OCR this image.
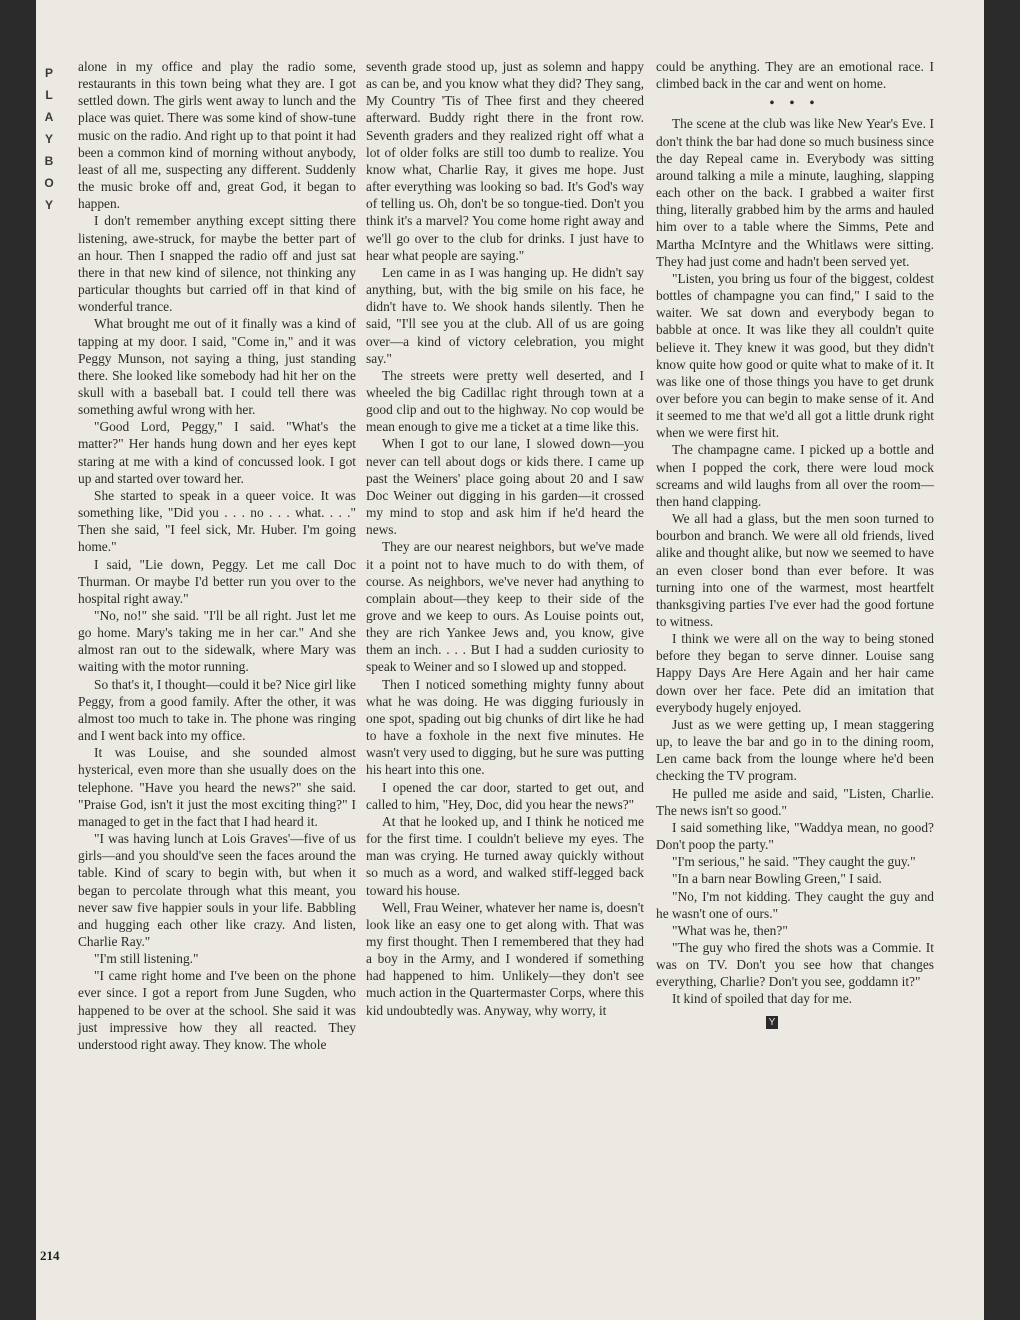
P
L
A
Y
B
O
Y
214

alone in my office and play the radio some, restaurants in this town being what they are. I got settled down. The girls went away to lunch and the place was quiet. There was some kind of show-tune music on the radio. And right up to that point it had been a common kind of morning without anybody, least of all me, suspecting any different. Suddenly the music broke off and, great God, it began to happen.

I don't remember anything except sitting there listening, awe-struck, for maybe the better part of an hour. Then I snapped the radio off and just sat there in that new kind of silence, not thinking any particular thoughts but carried off in that kind of wonderful trance.

What brought me out of it finally was a kind of tapping at my door. I said, "Come in," and it was Peggy Munson, not saying a thing, just standing there. She looked like somebody had hit her on the skull with a baseball bat. I could tell there was something awful wrong with her.

"Good Lord, Peggy," I said. "What's the matter?" Her hands hung down and her eyes kept staring at me with a kind of concussed look. I got up and started over toward her.

She started to speak in a queer voice. It was something like, "Did you . . . no . . . what. . . ." Then she said, "I feel sick, Mr. Huber. I'm going home."

I said, "Lie down, Peggy. Let me call Doc Thurman. Or maybe I'd better run you over to the hospital right away."

"No, no!" she said. "I'll be all right. Just let me go home. Mary's taking me in her car." And she almost ran out to the sidewalk, where Mary was waiting with the motor running.

So that's it, I thought—could it be? Nice girl like Peggy, from a good family. After the other, it was almost too much to take in. The phone was ringing and I went back into my office.

It was Louise, and she sounded almost hysterical, even more than she usually does on the telephone. "Have you heard the news?" she said. "Praise God, isn't it just the most exciting thing?" I managed to get in the fact that I had heard it.

"I was having lunch at Lois Graves'—five of us girls—and you should've seen the faces around the table. Kind of scary to begin with, but when it began to percolate through what this meant, you never saw five happier souls in your life. Babbling and hugging each other like crazy. And listen, Charlie Ray."

"I'm still listening."

"I came right home and I've been on the phone ever since. I got a report from June Sugden, who happened to be over at the school. She said it was just impressive how they all reacted. They understood right away. They know. The whole

seventh grade stood up, just as solemn and happy as can be, and you know what they did? They sang, My Country 'Tis of Thee first and they cheered afterward. Buddy right there in the front row. Seventh graders and they realized right off what a lot of older folks are still too dumb to realize. You know what, Charlie Ray, it gives me hope. Just after everything was looking so bad. It's God's way of telling us. Oh, don't be so tongue-tied. Don't you think it's a marvel? You come home right away and we'll go over to the club for drinks. I just have to hear what people are saying."

Len came in as I was hanging up. He didn't say anything, but, with the big smile on his face, he didn't have to. We shook hands silently. Then he said, "I'll see you at the club. All of us are going over—a kind of victory celebration, you might say."

The streets were pretty well deserted, and I wheeled the big Cadillac right through town at a good clip and out to the highway. No cop would be mean enough to give me a ticket at a time like this.

When I got to our lane, I slowed down—you never can tell about dogs or kids there. I came up past the Weiners' place going about 20 and I saw Doc Weiner out digging in his garden—it crossed my mind to stop and ask him if he'd heard the news.

They are our nearest neighbors, but we've made it a point not to have much to do with them, of course. As neighbors, we've never had anything to complain about—they keep to their side of the grove and we keep to ours. As Louise points out, they are rich Yankee Jews and, you know, give them an inch. . . . But I had a sudden curiosity to speak to Weiner and so I slowed up and stopped.

Then I noticed something mighty funny about what he was doing. He was digging furiously in one spot, spading out big chunks of dirt like he had to have a foxhole in the next five minutes. He wasn't very used to digging, but he sure was putting his heart into this one.

I opened the car door, started to get out, and called to him, "Hey, Doc, did you hear the news?"

At that he looked up, and I think he noticed me for the first time. I couldn't believe my eyes. The man was crying. He turned away quickly without so much as a word, and walked stiff-legged back toward his house.

Well, Frau Weiner, whatever her name is, doesn't look like an easy one to get along with. That was my first thought. Then I remembered that they had a boy in the Army, and I wondered if something had happened to him. Unlikely—they don't see much action in the Quartermaster Corps, where this kid undoubtedly was. Anyway, why worry, it

could be anything. They are an emotional race. I climbed back in the car and went on home.

• • •

The scene at the club was like New Year's Eve. I don't think the bar had done so much business since the day Repeal came in. Everybody was sitting around talking a mile a minute, laughing, slapping each other on the back. I grabbed a waiter first thing, literally grabbed him by the arms and hauled him over to a table where the Simms, Pete and Martha McIntyre and the Whitlaws were sitting. They had just come and hadn't been served yet.

"Listen, you bring us four of the biggest, coldest bottles of champagne you can find," I said to the waiter. We sat down and everybody began to babble at once. It was like they all couldn't quite believe it. They knew it was good, but they didn't know quite how good or quite what to make of it. It was like one of those things you have to get drunk over before you can begin to make sense of it. And it seemed to me that we'd all got a little drunk right when we were first hit.

The champagne came. I picked up a bottle and when I popped the cork, there were loud mock screams and wild laughs from all over the room—then hand clapping.

We all had a glass, but the men soon turned to bourbon and branch. We were all old friends, lived alike and thought alike, but now we seemed to have an even closer bond than ever before. It was turning into one of the warmest, most heartfelt thanksgiving parties I've ever had the good fortune to witness.

I think we were all on the way to being stoned before they began to serve dinner. Louise sang Happy Days Are Here Again and her hair came down over her face. Pete did an imitation that everybody hugely enjoyed.

Just as we were getting up, I mean staggering up, to leave the bar and go in to the dining room, Len came back from the lounge where he'd been checking the TV program.

He pulled me aside and said, "Listen, Charlie. The news isn't so good."

I said something like, "Waddya mean, no good? Don't poop the party."

"I'm serious," he said. "They caught the guy."

"In a barn near Bowling Green," I said.

"No, I'm not kidding. They caught the guy and he wasn't one of ours."

"What was he, then?"

"The guy who fired the shots was a Commie. It was on TV. Don't you see how that changes everything, Charlie? Don't you see, goddamn it?"

It kind of spoiled that day for me.

Y
